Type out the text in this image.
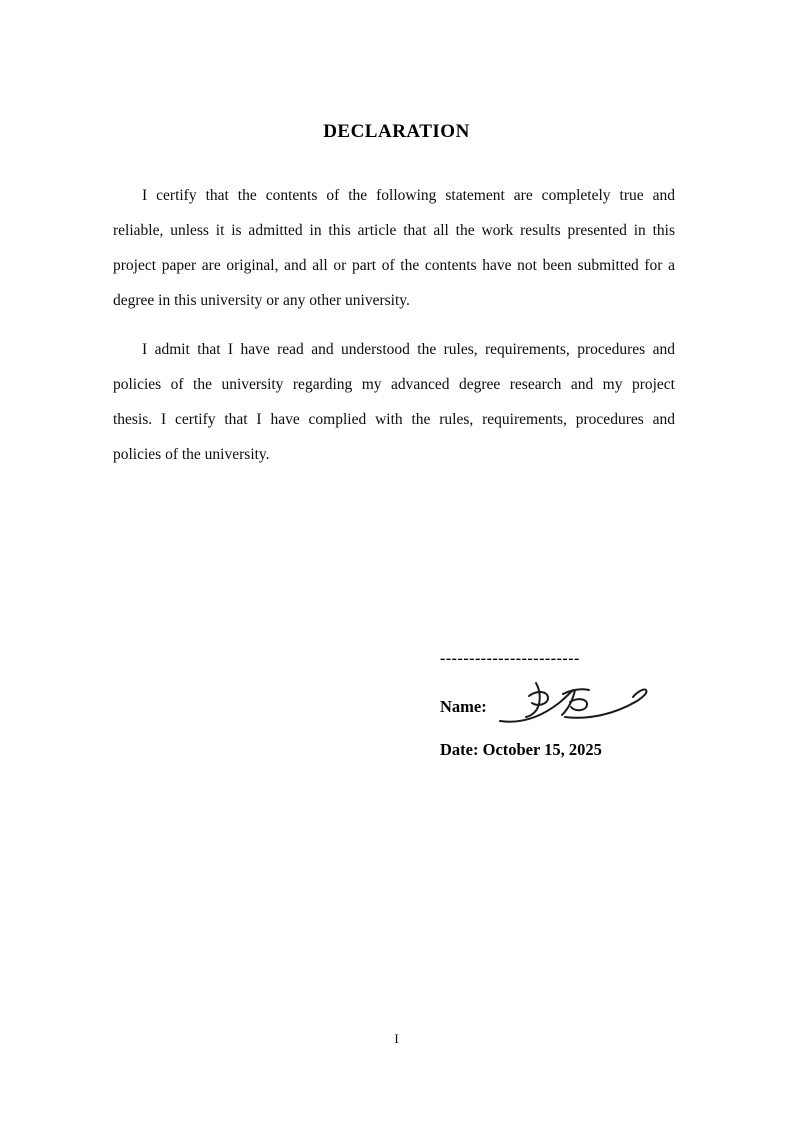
DECLARATION

I certify that the contents of the following statement are completely true and
reliable, unless it is admitted in this article that all the work results presented in this
project paper are original, and all or part of the contents have not been submitted for a
degree in this university or any other university.

I admit that I have read and understood the rules, requirements, procedures and
policies of the university regarding my advanced degree research and my project
thesis. I certify that I have complied with the rules, requirements, procedures and
policies of the university.

------------------------
Name:
Date: October 15, 2025
I
